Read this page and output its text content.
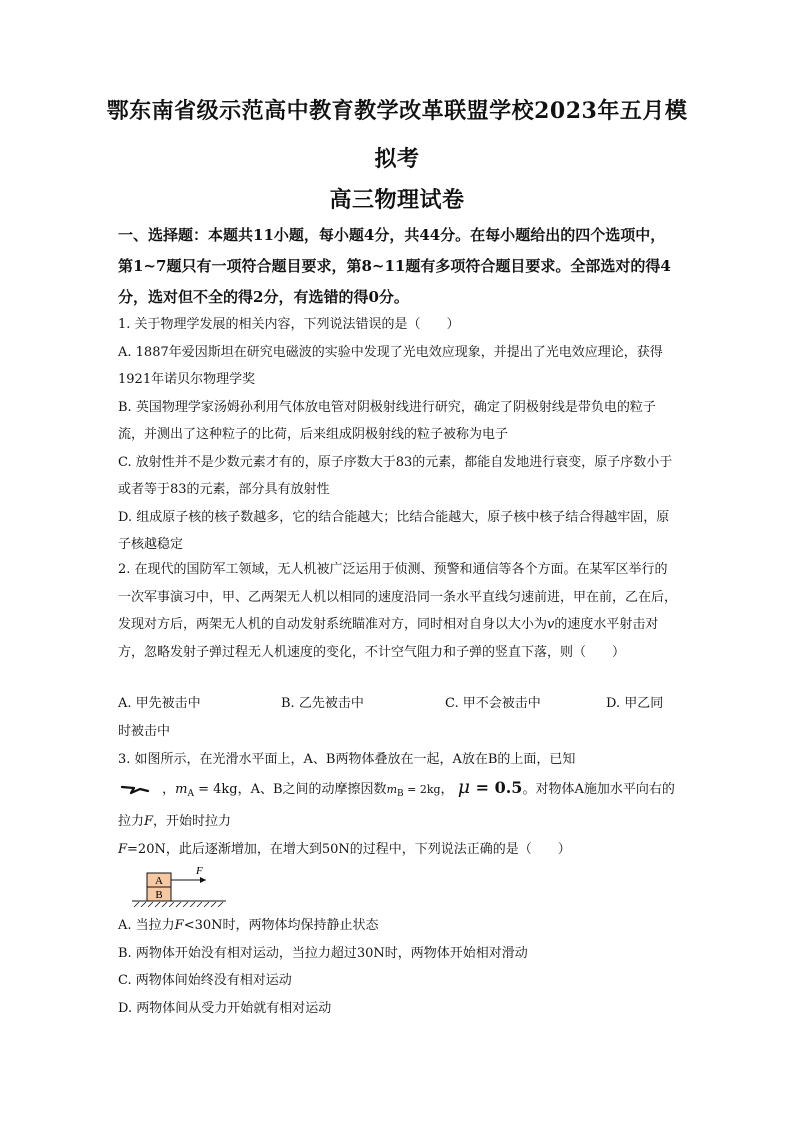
鄂东南省级示范高中教育教学改革联盟学校2023年五月模
拟考
高三物理试卷

一、选择题：本题共11小题，每小题4分，共44分。在每小题给出的四个选项中，第1~7题只有一项符合题目要求，第8~11题有多项符合题目要求。全部选对的得4分，选对但不全的得2分，有选错的得0分。

1. 关于物理学发展的相关内容，下列说法错误的是（　　）

A. 1887年爱因斯坦在研究电磁波的实验中发现了光电效应现象，并提出了光电效应理论，获得1921年诺贝尔物理学奖

B. 英国物理学家汤姆孙利用气体放电管对阴极射线进行研究，确定了阴极射线是带负电的粒子流，并测出了这种粒子的比荷，后来组成阴极射线的粒子被称为电子

C. 放射性并不是少数元素才有的，原子序数大于83的元素，都能自发地进行衰变，原子序数小于或者等于83的元素，部分具有放射性

D. 组成原子核的核子数越多，它的结合能越大；比结合能越大，原子核中核子结合得越牢固，原子核越稳定

2. 在现代的国防军工领域，无人机被广泛运用于侦测、预警和通信等各个方面。在某军区举行的一次军事演习中，甲、乙两架无人机以相同的速度沿同一条水平直线匀速前进，甲在前，乙在后，发现对方后，两架无人机的自动发射系统瞄准对方，同时相对自身以大小为v的速度水平射击对方，忽略发射子弹过程无人机速度的变化，不计空气阻力和子弹的竖直下落，则（　　）

A. 甲先被击中	B. 乙先被击中	C. 甲不会被击中	D. 甲乙同
时被击中

3. 如图所示，在光滑水平面上，A、B两物体叠放在一起，A放在B的上面，已知
，$m_A = 4kg$，A、B之间的动摩擦因数$m_B = 2kg$， μ = 0.5。对物体A施加水平向右的拉力F，开始时拉力F=20N，此后逐渐增加，在增大到50N的过程中，下列说法正确的是（　　）

A
B
F

A. 当拉力F<30N时，两物体均保持静止状态

B. 两物体开始没有相对运动，当拉力超过30N时，两物体开始相对滑动

C. 两物体间始终没有相对运动

D. 两物体间从受力开始就有相对运动
